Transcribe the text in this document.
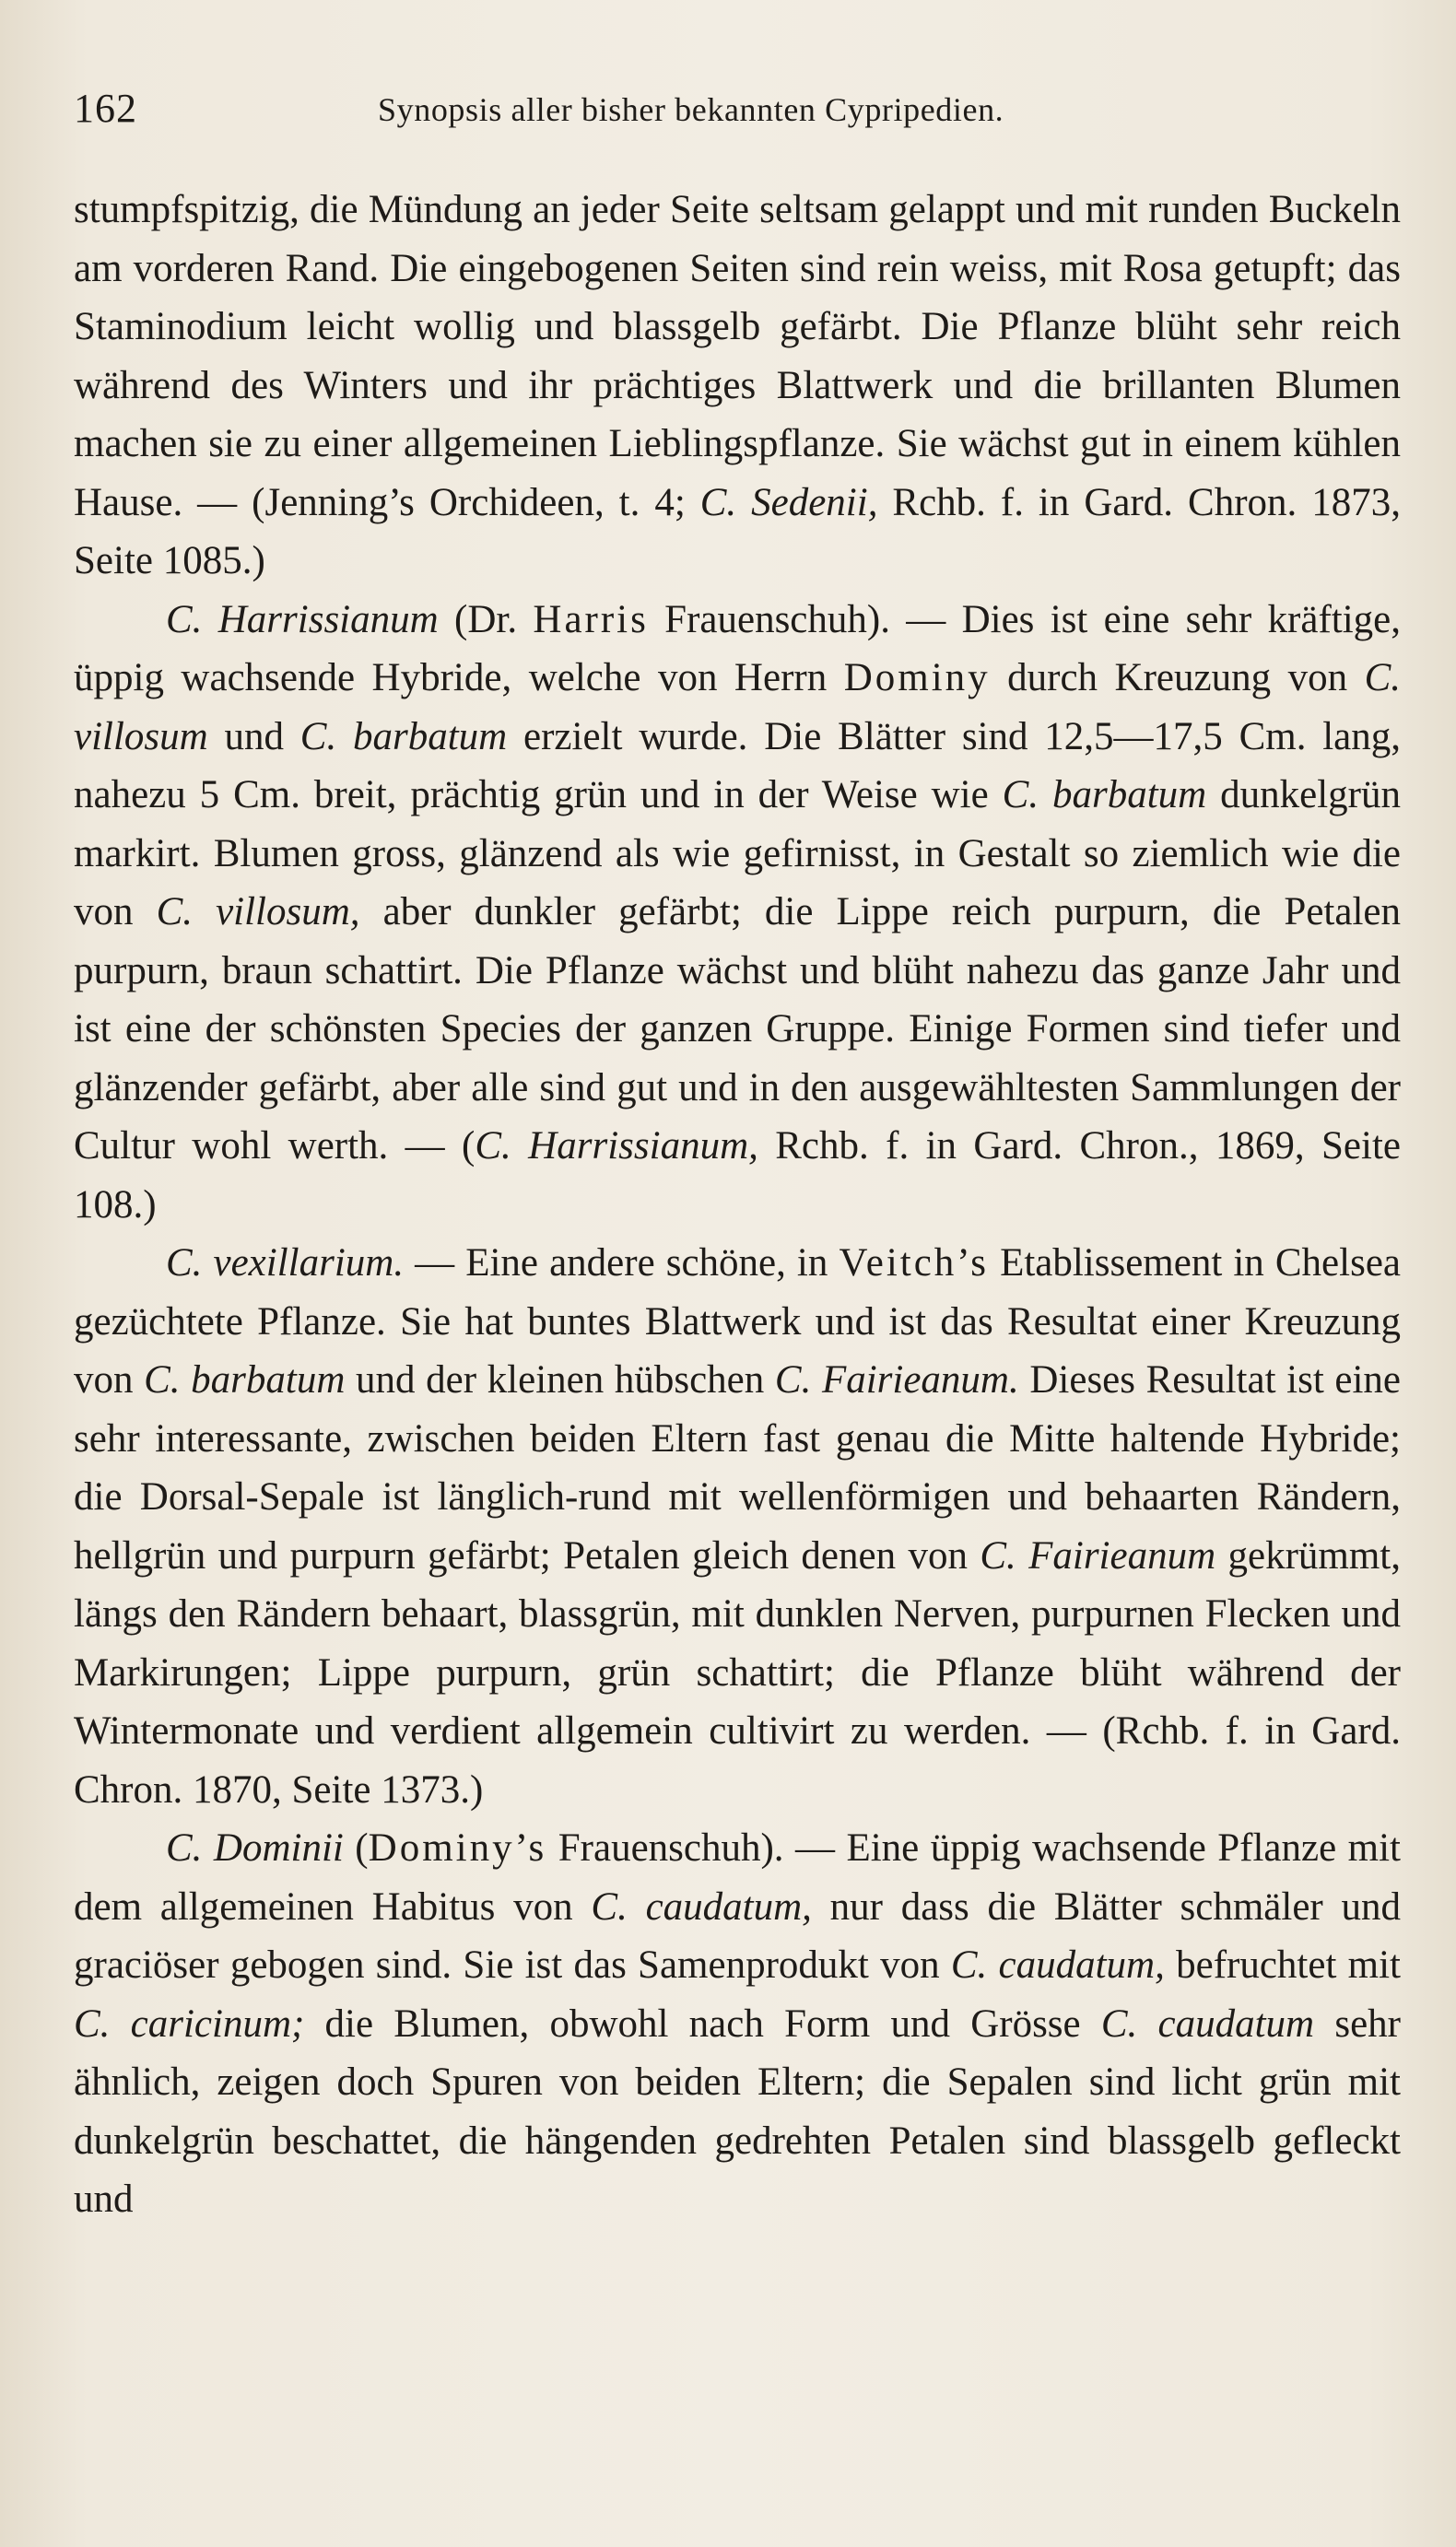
162	Synopsis aller bisher bekannten Cypripedien.

stumpfspitzig, die Mündung an jeder Seite seltsam gelappt und mit runden Buckeln am vorderen Rand. Die eingebogenen Seiten sind rein weiss, mit Rosa getupft; das Staminodium leicht wollig und blassgelb gefärbt. Die Pflanze blüht sehr reich während des Winters und ihr prächtiges Blattwerk und die brillanten Blumen machen sie zu einer allgemeinen Lieblingspflanze. Sie wächst gut in einem kühlen Hause. — (Jenning’s Orchideen, t. 4; C. Sedenii, Rchb. f. in Gard. Chron. 1873, Seite 1085.)

C. Harrissianum (Dr. Harris Frauenschuh). — Dies ist eine sehr kräftige, üppig wachsende Hybride, welche von Herrn Dominy durch Kreuzung von C. villosum und C. barbatum erzielt wurde. Die Blätter sind 12,5—17,5 Cm. lang, nahezu 5 Cm. breit, prächtig grün und in der Weise wie C. barbatum dunkelgrün markirt. Blumen gross, glänzend als wie gefirnisst, in Gestalt so ziemlich wie die von C. villosum, aber dunkler gefärbt; die Lippe reich purpurn, die Petalen purpurn, braun schattirt. Die Pflanze wächst und blüht nahezu das ganze Jahr und ist eine der schönsten Species der ganzen Gruppe. Einige Formen sind tiefer und glänzender gefärbt, aber alle sind gut und in den ausgewähltesten Sammlungen der Cultur wohl werth. — (C. Harrissianum, Rchb. f. in Gard. Chron., 1869, Seite 108.)

C. vexillarium. — Eine andere schöne, in Veitch’s Etablissement in Chelsea gezüchtete Pflanze. Sie hat buntes Blattwerk und ist das Resultat einer Kreuzung von C. barbatum und der kleinen hübschen C. Fairieanum. Dieses Resultat ist eine sehr interessante, zwischen beiden Eltern fast genau die Mitte haltende Hybride; die Dorsal-Sepale ist länglich-rund mit wellenförmigen und behaarten Rändern, hellgrün und purpurn gefärbt; Petalen gleich denen von C. Fairieanum gekrümmt, längs den Rändern behaart, blassgrün, mit dunklen Nerven, purpurnen Flecken und Markirungen; Lippe purpurn, grün schattirt; die Pflanze blüht während der Wintermonate und verdient allgemein cultivirt zu werden. — (Rchb. f. in Gard. Chron. 1870, Seite 1373.)

C. Dominii (Dominy’s Frauenschuh). — Eine üppig wachsende Pflanze mit dem allgemeinen Habitus von C. caudatum, nur dass die Blätter schmäler und graciöser gebogen sind. Sie ist das Samenprodukt von C. caudatum, befruchtet mit C. caricinum; die Blumen, obwohl nach Form und Grösse C. caudatum sehr ähnlich, zeigen doch Spuren von beiden Eltern; die Sepalen sind licht grün mit dunkelgrün beschattet, die hängenden gedrehten Petalen sind blassgelb gefleckt und
